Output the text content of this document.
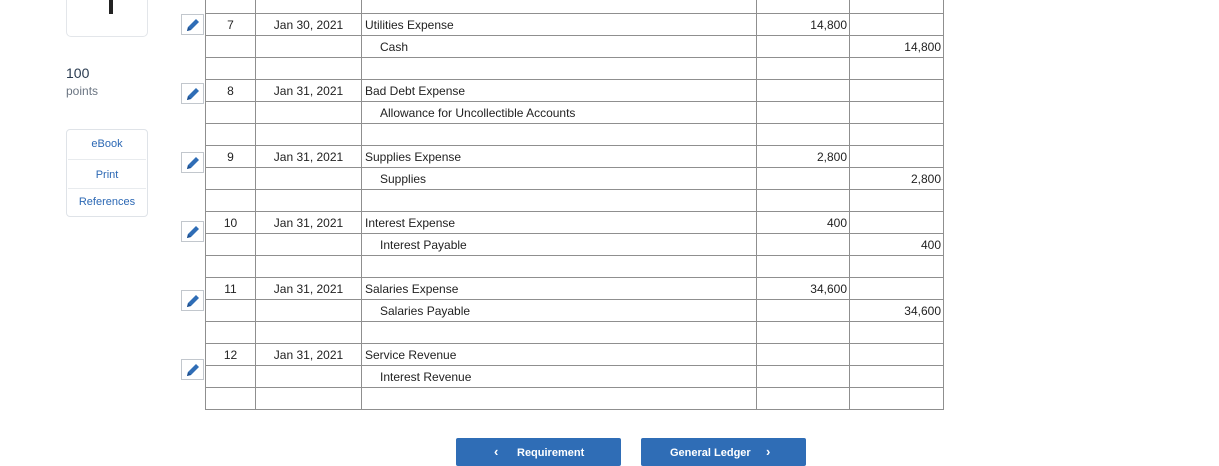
100
points
eBook
Print
References

7	Jan 30, 2021	Utilities Expense	14,800	
		Cash		14,800

8	Jan 31, 2021	Bad Debt Expense		
		Allowance for Uncollectible Accounts		

9	Jan 31, 2021	Supplies Expense	2,800	
		Supplies		2,800

10	Jan 31, 2021	Interest Expense	400	
		Interest Payable		400

11	Jan 31, 2021	Salaries Expense	34,600	
		Salaries Payable		34,600

12	Jan 31, 2021	Service Revenue		
		Interest Revenue		

‹ Requirement	General Ledger ›
